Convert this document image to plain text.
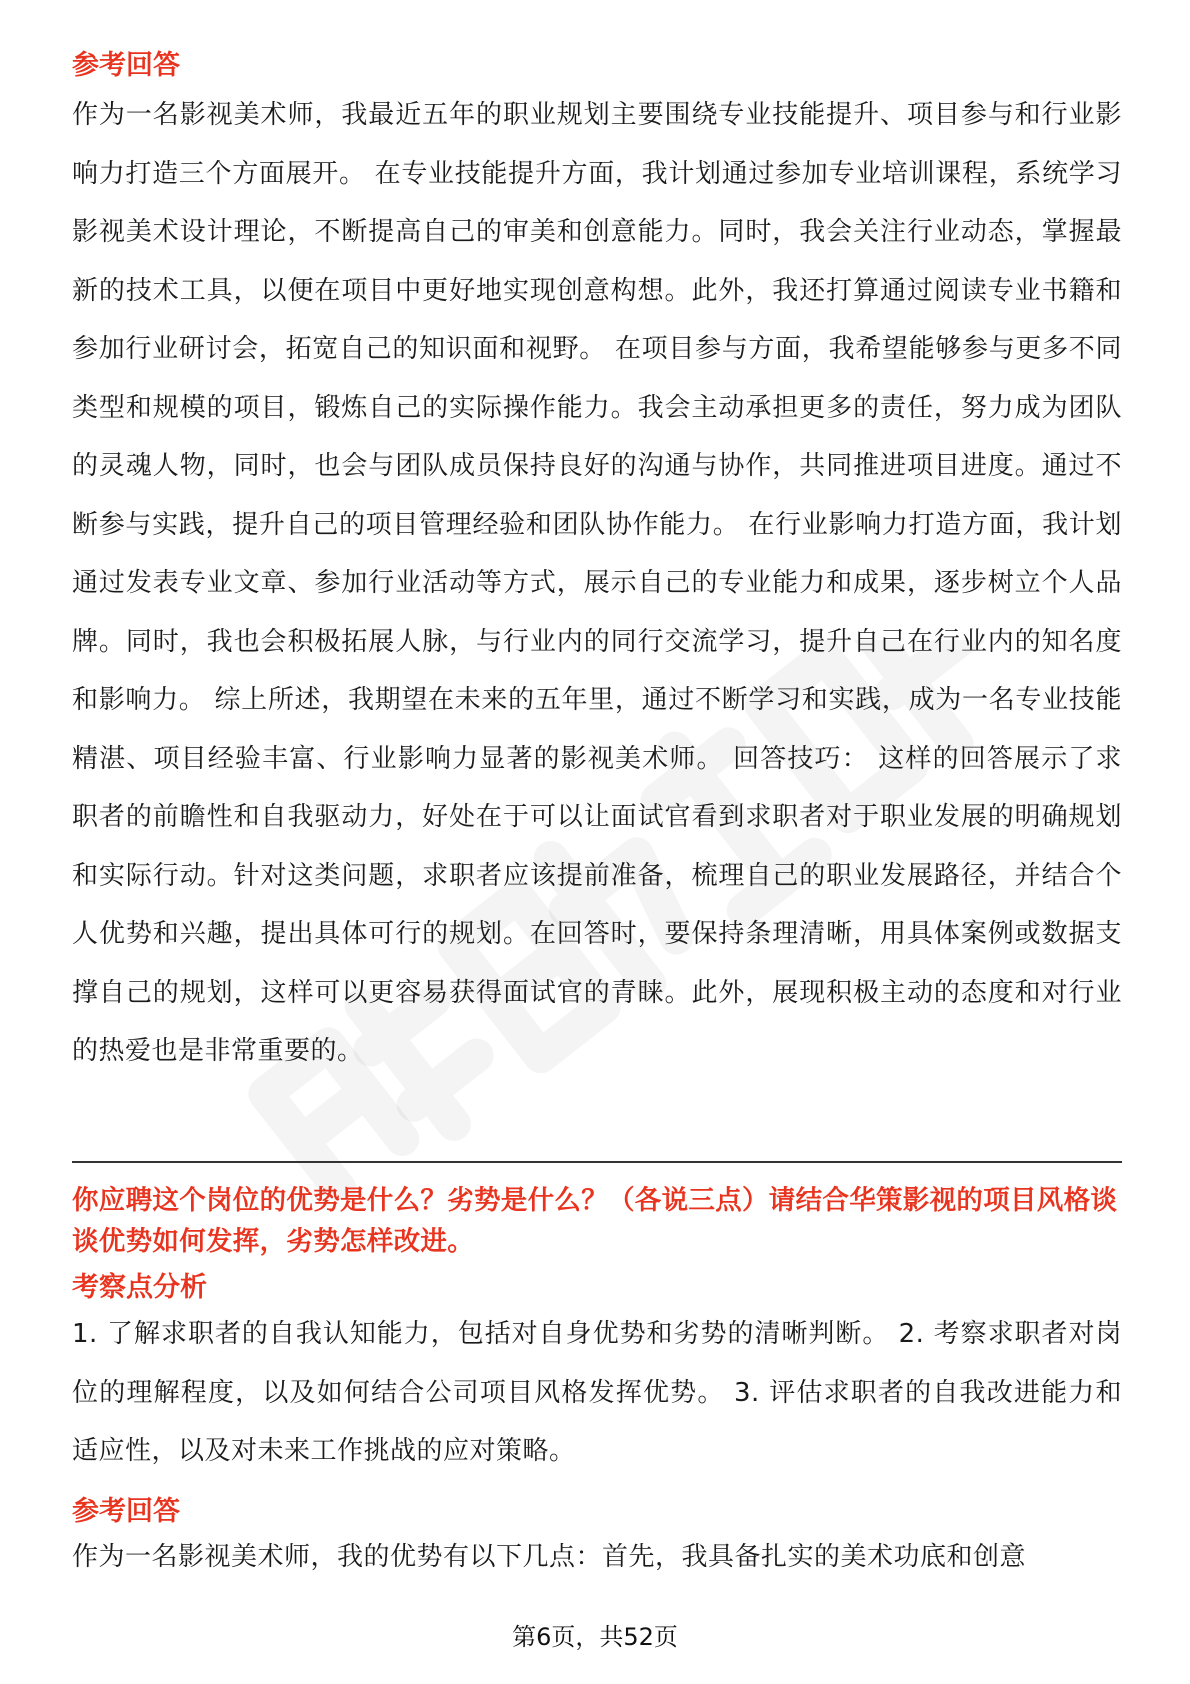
参考回答

作为一名影视美术师，我最近五年的职业规划主要围绕专业技能提升、项目参与和行业影响力打造三个方面展开。 在专业技能提升方面，我计划通过参加专业培训课程，系统学习影视美术设计理论，不断提高自己的审美和创意能力。同时，我会关注行业动态，掌握最新的技术工具，以便在项目中更好地实现创意构想。此外，我还打算通过阅读专业书籍和参加行业研讨会，拓宽自己的知识面和视野。 在项目参与方面，我希望能够参与更多不同类型和规模的项目，锻炼自己的实际操作能力。我会主动承担更多的责任，努力成为团队的灵魂人物，同时，也会与团队成员保持良好的沟通与协作，共同推进项目进度。通过不断参与实践，提升自己的项目管理经验和团队协作能力。 在行业影响力打造方面，我计划通过发表专业文章、参加行业活动等方式，展示自己的专业能力和成果，逐步树立个人品牌。同时，我也会积极拓展人脉，与行业内的同行交流学习，提升自己在行业内的知名度和影响力。 综上所述，我期望在未来的五年里，通过不断学习和实践，成为一名专业技能精湛、项目经验丰富、行业影响力显著的影视美术师。 回答技巧： 这样的回答展示了求职者的前瞻性和自我驱动力，好处在于可以让面试官看到求职者对于职业发展的明确规划和实际行动。针对这类问题，求职者应该提前准备，梳理自己的职业发展路径，并结合个人优势和兴趣，提出具体可行的规划。在回答时，要保持条理清晰，用具体案例或数据支撑自己的规划，这样可以更容易获得面试官的青睐。此外，展现积极主动的态度和对行业的热爱也是非常重要的。

你应聘这个岗位的优势是什么？劣势是什么？（各说三点）请结合华策影视的项目风格谈谈优势如何发挥，劣势怎样改进。

考察点分析

1. 了解求职者的自我认知能力，包括对自身优势和劣势的清晰判断。 2. 考察求职者对岗位的理解程度，以及如何结合公司项目风格发挥优势。 3. 评估求职者的自我改进能力和适应性，以及对未来工作挑战的应对策略。

参考回答

作为一名影视美术师，我的优势有以下几点：首先，我具备扎实的美术功底和创意

第6页，共52页
